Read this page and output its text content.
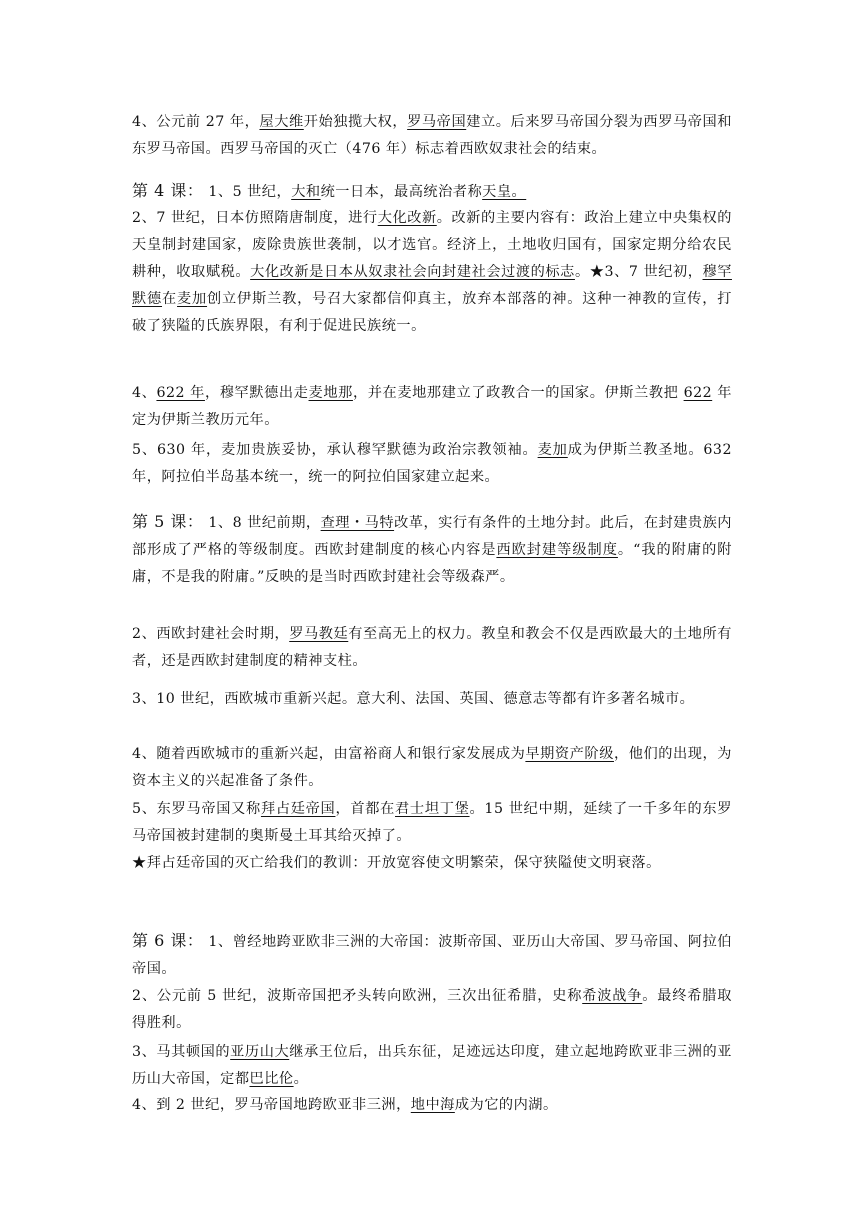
4、公元前 27 年，屋大维开始独揽大权，罗马帝国建立。后来罗马帝国分裂为西罗马帝国和东罗马帝国。西罗马帝国的灭亡（476 年）标志着西欧奴隶社会的结束。

第 4 课： 1、5 世纪，大和统一日本，最高统治者称天皇。

2、7 世纪，日本仿照隋唐制度，进行大化改新。改新的主要内容有：政治上建立中央集权的天皇制封建国家，废除贵族世袭制，以才选官。经济上，土地收归国有，国家定期分给农民耕种，收取赋税。大化改新是日本从奴隶社会向封建社会过渡的标志。★3、7 世纪初，穆罕默德在麦加创立伊斯兰教，号召大家都信仰真主，放弃本部落的神。这种一神教的宣传，打破了狭隘的氏族界限，有利于促进民族统一。

4、622 年，穆罕默德出走麦地那，并在麦地那建立了政教合一的国家。伊斯兰教把 622 年定为伊斯兰教历元年。

5、630 年，麦加贵族妥协，承认穆罕默德为政治宗教领袖。麦加成为伊斯兰教圣地。632 年，阿拉伯半岛基本统一，统一的阿拉伯国家建立起来。

第 5 课： 1、8 世纪前期，查理・马特改革，实行有条件的土地分封。此后，在封建贵族内部形成了严格的等级制度。西欧封建制度的核心内容是西欧封建等级制度。“我的附庸的附庸，不是我的附庸。”反映的是当时西欧封建社会等级森严。

2、西欧封建社会时期，罗马教廷有至高无上的权力。教皇和教会不仅是西欧最大的土地所有者，还是西欧封建制度的精神支柱。

3、10 世纪，西欧城市重新兴起。意大利、法国、英国、德意志等都有许多著名城市。

4、随着西欧城市的重新兴起，由富裕商人和银行家发展成为早期资产阶级，他们的出现，为资本主义的兴起准备了条件。

5、东罗马帝国又称拜占廷帝国，首都在君士坦丁堡。15 世纪中期，延续了一千多年的东罗马帝国被封建制的奥斯曼土耳其给灭掉了。

★拜占廷帝国的灭亡给我们的教训：开放宽容使文明繁荣，保守狭隘使文明衰落。

第 6 课： 1、曾经地跨亚欧非三洲的大帝国：波斯帝国、亚历山大帝国、罗马帝国、阿拉伯帝国。

2、公元前 5 世纪，波斯帝国把矛头转向欧洲，三次出征希腊，史称希波战争。最终希腊取得胜利。

3、马其顿国的亚历山大继承王位后，出兵东征，足迹远达印度，建立起地跨欧亚非三洲的亚历山大帝国，定都巴比伦。

4、到 2 世纪，罗马帝国地跨欧亚非三洲，地中海成为它的内湖。
